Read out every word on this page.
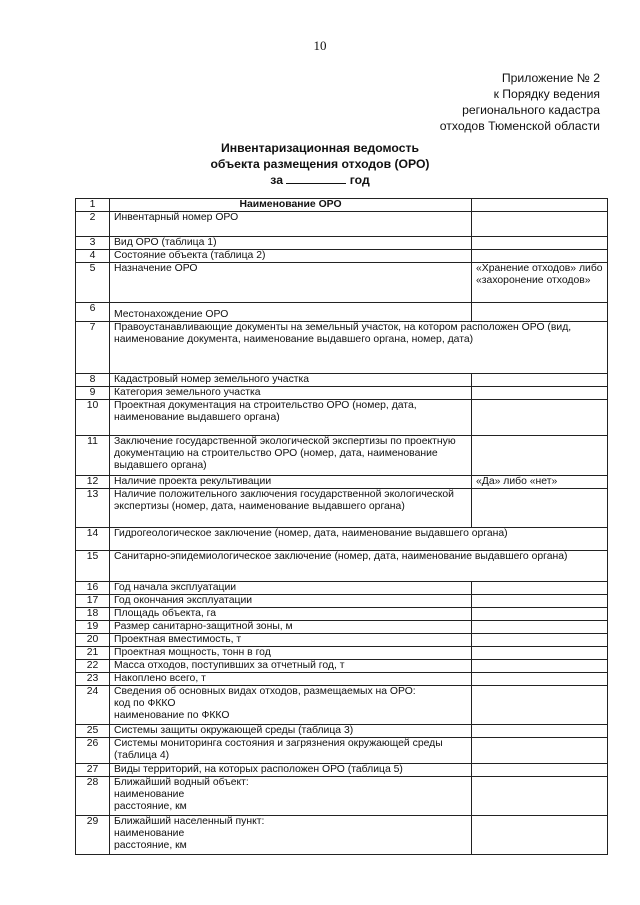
10
Приложение № 2
к Порядку ведения
регионального кадастра
отходов Тюменской области
Инвентаризационная ведомость
объекта размещения отходов (ОРО)
за	год
1	Наименование ОРО	
2	Инвентарный номер ОРО	
3	Вид ОРО (таблица 1)	
4	Состояние объекта (таблица 2)	
5	Назначение ОРО	«Хранение отходов» либо «захоронение отходов»
6	Местонахождение ОРО	
7	Правоустанавливающие документы на земельный участок, на котором расположен ОРО (вид, наименование документа, наименование выдавшего органа, номер, дата)	
8	Кадастровый номер земельного участка	
9	Категория земельного участка	
10	Проектная документация на строительство ОРО (номер, дата, наименование выдавшего органа)	
11	Заключение государственной экологической экспертизы по проектную документацию на строительство ОРО (номер, дата, наименование выдавшего органа)	
12	Наличие проекта рекультивации	«Да» либо «нет»
13	Наличие положительного заключения государственной экологической экспертизы (номер, дата, наименование выдавшего органа)	
14	Гидрогеологическое заключение (номер, дата, наименование выдавшего органа)	
15	Санитарно-эпидемиологическое заключение (номер, дата, наименование выдавшего органа)	
16	Год начала эксплуатации	
17	Год окончания эксплуатации	
18	Площадь объекта, га	
19	Размер санитарно-защитной зоны, м	
20	Проектная вместимость, т	
21	Проектная мощность, тонн в год	
22	Масса отходов, поступивших за отчетный год, т	
23	Накоплено всего, т	
24	Сведения об основных видах отходов, размещаемых на ОРО:
код по ФККО
наименование по ФККО	

25	Системы защиты окружающей среды (таблица 3)	
26	Системы мониторинга состояния и загрязнения окружающей среды (таблица 4)	
27	Виды территорий, на которых расположен ОРО (таблица 5)	
28	Ближайший водный объект:
наименование
расстояние, км	

29	Ближайший населенный пункт:
наименование
расстояние, км	
